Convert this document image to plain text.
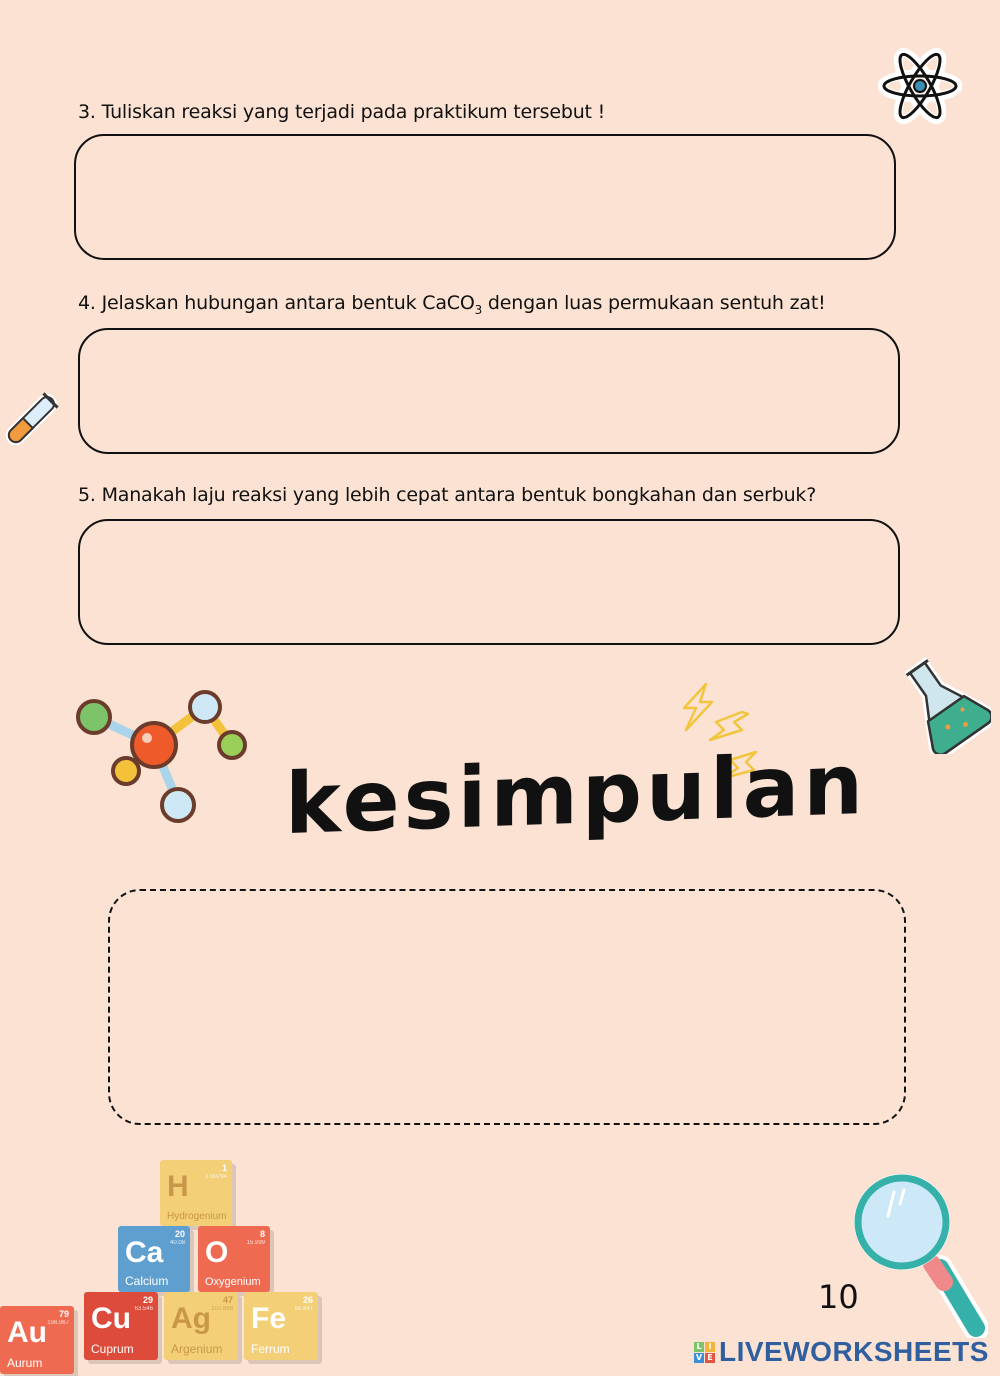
3. Tuliskan reaksi yang terjadi pada praktikum tersebut !
4. Jelaskan hubungan antara bentuk CaCO$_3$ dengan luas permukaan sentuh zat!
5. Manakah laju reaksi yang lebih cepat antara bentuk bongkahan dan serbuk?
kesimpulan
1
1.00794
H
Hydrogenium
20
40.08
Ca
Calcium
8
15.999
O
Oxygenium
79
196.967
Au
Aurum
29
63.546
Cu
Cuprum
47
107.868
Ag
Argenium
26
55.847
Fe
Ferrum
10
L I
V E LIVEWORKSHEETS
